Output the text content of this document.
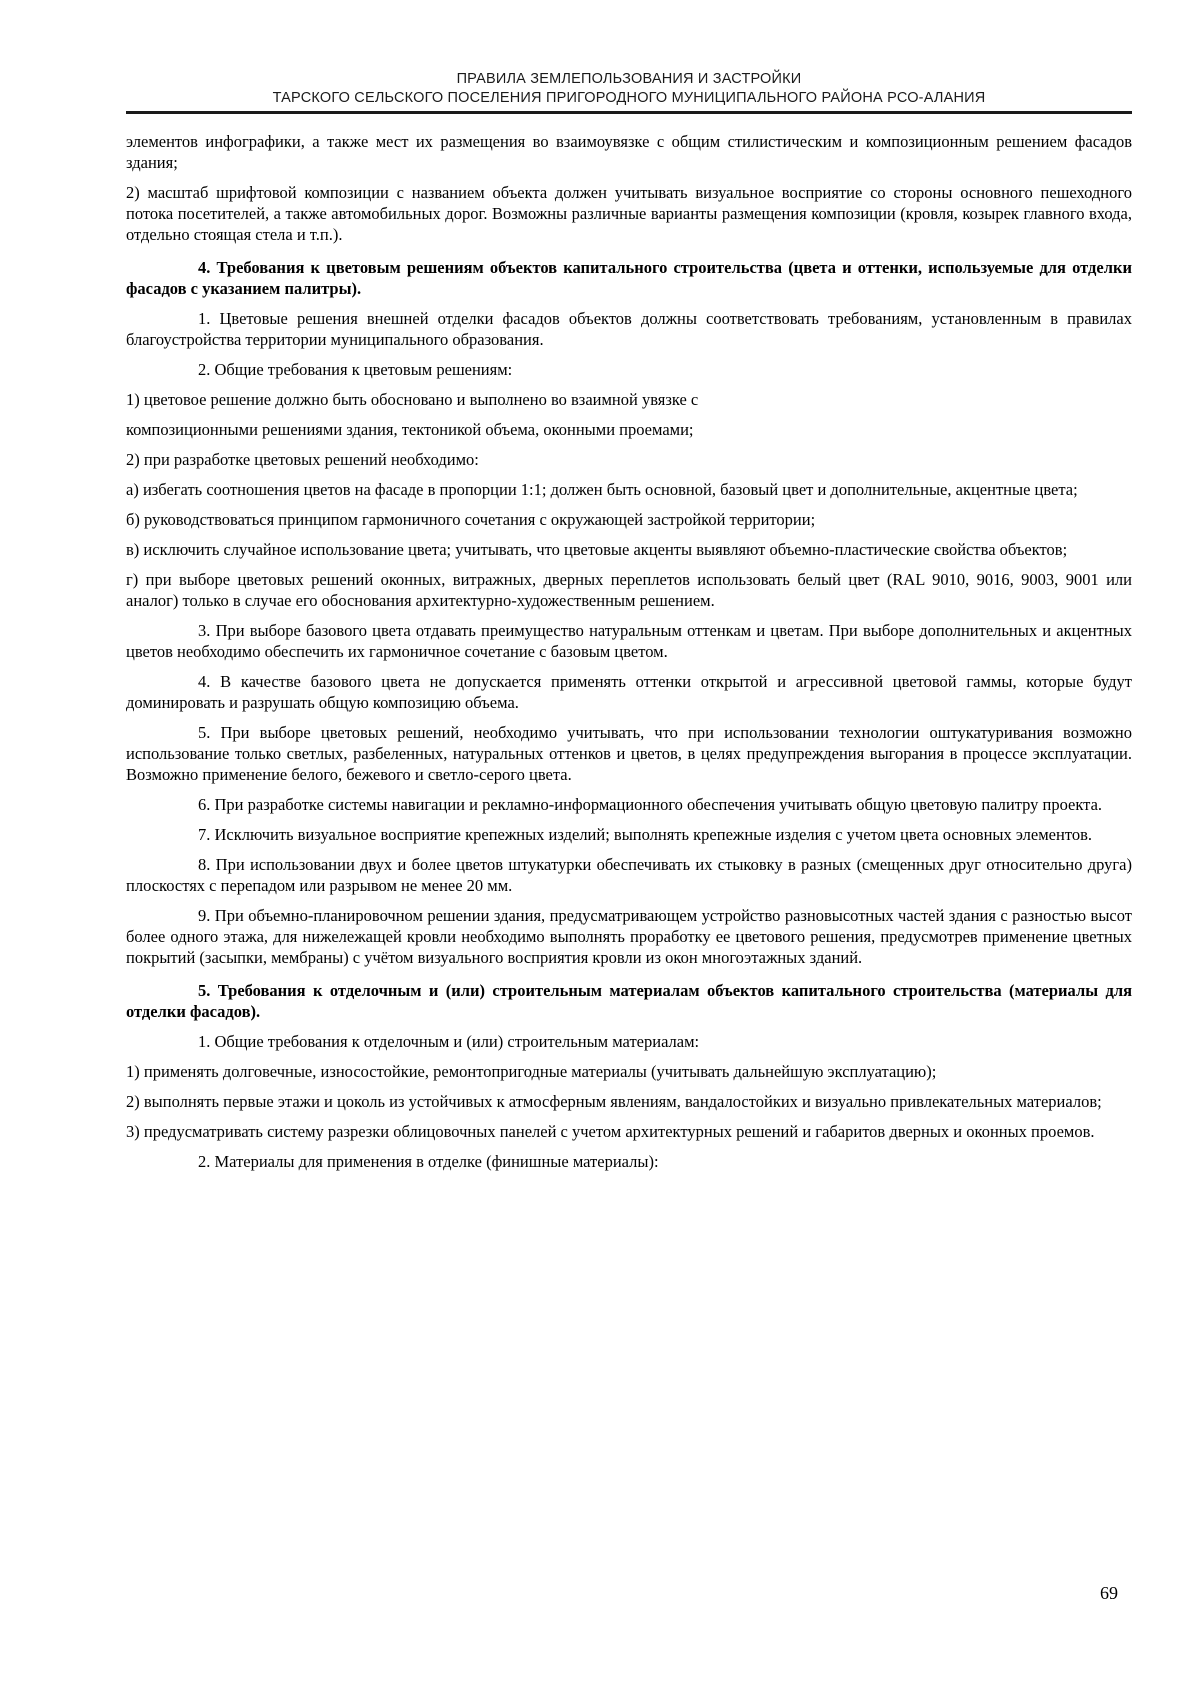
ПРАВИЛА ЗЕМЛЕПОЛЬЗОВАНИЯ И ЗАСТРОЙКИ
ТАРСКОГО СЕЛЬСКОГО ПОСЕЛЕНИЯ ПРИГОРОДНОГО МУНИЦИПАЛЬНОГО РАЙОНА РСО-АЛАНИЯ

элементов инфографики, а также мест их размещения во взаимоувязке с общим стилистическим и композиционным решением фасадов здания;

2) масштаб шрифтовой композиции с названием объекта должен учитывать визуальное восприятие со стороны основного пешеходного потока посетителей, а также автомобильных дорог. Возможны различные варианты размещения композиции (кровля, козырек главного входа, отдельно стоящая стела и т.п.).

4. Требования к цветовым решениям объектов капитального строительства (цвета и оттенки, используемые для отделки фасадов с указанием палитры).

1. Цветовые решения внешней отделки фасадов объектов должны соответствовать требованиям, установленным в правилах благоустройства территории муниципального образования.

2. Общие требования к цветовым решениям:

1) цветовое решение должно быть обосновано и выполнено во взаимной увязке с

композиционными решениями здания, тектоникой объема, оконными проемами;

2) при разработке цветовых решений необходимо:

а) избегать соотношения цветов на фасаде в пропорции 1:1; должен быть основной, базовый цвет и дополнительные, акцентные цвета;

б) руководствоваться принципом гармоничного сочетания с окружающей застройкой территории;

в) исключить случайное использование цвета; учитывать, что цветовые акценты выявляют объемно-пластические свойства объектов;

г) при выборе цветовых решений оконных, витражных, дверных переплетов использовать белый цвет (RAL 9010, 9016, 9003, 9001 или аналог) только в случае его обоснования архитектурно-художественным решением.

3. При выборе базового цвета отдавать преимущество натуральным оттенкам и цветам. При выборе дополнительных и акцентных цветов необходимо обеспечить их гармоничное сочетание с базовым цветом.

4. В качестве базового цвета не допускается применять оттенки открытой и агрессивной цветовой гаммы, которые будут доминировать и разрушать общую композицию объема.

5. При выборе цветовых решений, необходимо учитывать, что при использовании технологии оштукатуривания возможно использование только светлых, разбеленных, натуральных оттенков и цветов, в целях предупреждения выгорания в процессе эксплуатации. Возможно применение белого, бежевого и светло-серого цвета.

6. При разработке системы навигации и рекламно-информационного обеспечения учитывать общую цветовую палитру проекта.

7. Исключить визуальное восприятие крепежных изделий; выполнять крепежные изделия с учетом цвета основных элементов.

8. При использовании двух и более цветов штукатурки обеспечивать их стыковку в разных (смещенных друг относительно друга) плоскостях с перепадом или разрывом не менее 20 мм.

9. При объемно-планировочном решении здания, предусматривающем устройство разновысотных частей здания с разностью высот более одного этажа, для нижележащей кровли необходимо выполнять проработку ее цветового решения, предусмотрев применение цветных покрытий (засыпки, мембраны) с учётом визуального восприятия кровли из окон многоэтажных зданий.

5. Требования к отделочным и (или) строительным материалам объектов капитального строительства (материалы для отделки фасадов).

1. Общие требования к отделочным и (или) строительным материалам:

1) применять долговечные, износостойкие, ремонтопригодные материалы (учитывать дальнейшую эксплуатацию);

2) выполнять первые этажи и цоколь из устойчивых к атмосферным явлениям, вандалостойких и визуально привлекательных материалов;

3) предусматривать систему разрезки облицовочных панелей с учетом архитектурных решений и габаритов дверных и оконных проемов.

2. Материалы для применения в отделке (финишные материалы):

69
